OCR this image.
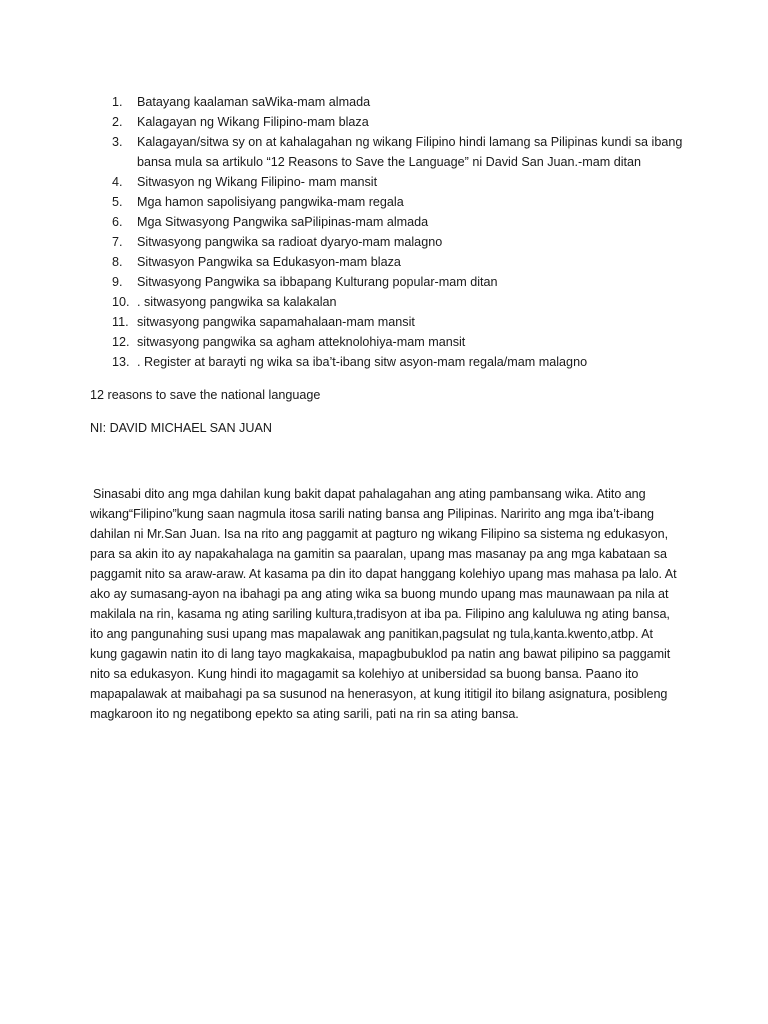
1.	Batayang kaalaman saWika-mam almada
2.	Kalagayan ng Wikang Filipino-mam blaza
3.	Kalagayan/sitwa sy on at kahalagahan ng wikang Filipino hindi lamang sa Pilipinas kundi sa ibang bansa mula sa artikulo “12 Reasons to Save the Language” ni David San Juan.-mam ditan
4.	Sitwasyon ng Wikang Filipino- mam mansit
5.	Mga hamon sapolisiyang pangwika-mam regala
6.	Mga Sitwasyong Pangwika saPilipinas-mam almada
7.	Sitwasyong pangwika sa radioat dyaryo-mam malagno
8.	Sitwasyon Pangwika sa Edukasyon-mam blaza
9.	Sitwasyong Pangwika sa ibbapang Kulturang popular-mam ditan
10. . sitwasyong pangwika sa kalakalan
11. sitwasyong pangwika sapamahalaan-mam mansit
12. sitwasyong pangwika sa agham atteknolohiya-mam mansit
13. . Register at barayti ng wika sa iba’t-ibang sitw asyon-mam regala/mam malagno
12 reasons to save the national language
NI: DAVID MICHAEL SAN JUAN

Sinasabi dito ang mga dahilan kung bakit dapat pahalagahan ang ating pambansang wika. Atito ang wikang“Filipino”kung saan nagmula itosa sarili nating bansa ang Pilipinas. Naririto ang mga iba’t-ibang dahilan ni Mr.San Juan. Isa na rito ang paggamit at pagturo ng wikang Filipino sa sistema ng edukasyon, para sa akin ito ay napakahalaga na gamitin sa paaralan, upang mas masanay pa ang mga kabataan sa paggamit nito sa araw-araw. At kasama pa din ito dapat hanggang kolehiyo upang mas mahasa pa lalo. At ako ay sumasang-ayon na ibahagi pa ang ating wika sa buong mundo upang mas maunawaan pa nila at makilala na rin, kasama ng ating sariling kultura,tradisyon at iba pa. Filipino ang kaluluwa ng ating bansa, ito ang pangunahing susi upang mas mapalawak ang panitikan,pagsulat ng tula,kanta.kwento,atbp. At kung gagawin natin ito di lang tayo magkakaisa, mapagbubuklod pa natin ang bawat pilipino sa paggamit nito sa edukasyon. Kung hindi ito magagamit sa kolehiyo at unibersidad sa buong bansa. Paano ito mapapalawak at maibahagi pa sa susunod na henerasyon, at kung ititigil ito bilang asignatura, posibleng magkaroon ito ng negatibong epekto sa ating sarili, pati na rin sa ating bansa.
